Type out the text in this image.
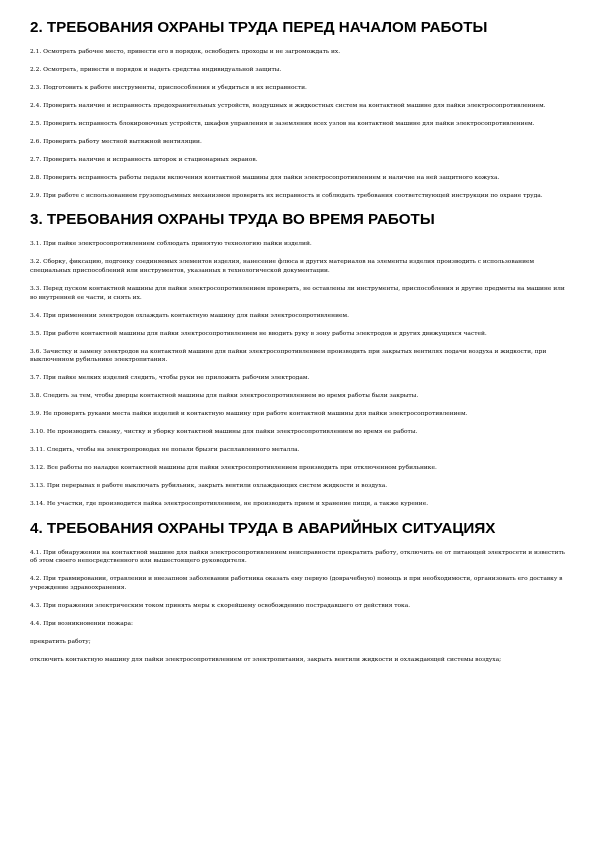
2. ТРЕБОВАНИЯ ОХРАНЫ ТРУДА ПЕРЕД НАЧАЛОМ РАБОТЫ

2.1. Осмотреть рабочее место, привести его в порядок, освободить проходы и не загромождать их.

2.2. Осмотреть, привести в порядок и надеть средства индивидуальной защиты.

2.3. Подготовить к работе инструменты, приспособления и убедиться в их исправности.

2.4. Проверить наличие и исправность предохранительных устройств, воздушных и жидкостных систем на контактной машине для пайки электросопротивлением.

2.5. Проверить исправность блокировочных устройств, шкафов управления и заземления всех узлов на контактной машине для пайки электросопротивлением.

2.6. Проверить работу местной вытяжной вентиляции.

2.7. Проверить наличие и исправность шторок и стационарных экранов.

2.8. Проверить исправность работы педали включения контактной машины для пайки электросопротивлением и наличие на ней защитного кожуха.

2.9. При работе с использованием грузоподъемных механизмов проверить их исправность и соблюдать требования соответствующей инструкции по охране труда.

3. ТРЕБОВАНИЯ ОХРАНЫ ТРУДА ВО ВРЕМЯ РАБОТЫ

3.1. При пайке электросопротивлением соблюдать принятую технологию пайки изделий.

3.2. Сборку, фиксацию, подгонку соединяемых элементов изделия, нанесение флюса и других материалов на элементы изделия производить с использованием специальных приспособлений или инструментов, указанных в технологической документации.

3.3. Перед пуском контактной машины для пайки электросопротивлением проверить, не оставлены ли инструменты, приспособления и другие предметы на машине или во внутренней ее части, и снять их.

3.4. При применении электродов охлаждать контактную машину для пайки электросопротивлением.

3.5. При работе контактной машины для пайки электросопротивлением не вводить руку в зону работы электродов и других движущихся частей.

3.6. Зачистку и замену электродов на контактной машине для пайки электросопротивлением производить при закрытых вентилях подачи воздуха и жидкости, при выключенном рубильнике электропитания.

3.7. При пайке мелких изделий следить, чтобы руки не приложить рабочим электродам.

3.8. Следить за тем, чтобы дверцы контактной машины для пайки электросопротивлением во время работы были закрыты.

3.9. Не проверять руками места пайки изделий и контактную машину при работе контактной машины для пайки электросопротивлением.

3.10. Не производить смазку, чистку и уборку контактной машины для пайки электросопротивлением во время ее работы.

3.11. Следить, чтобы на электропроводах не попали брызги расплавленного металла.

3.12. Все работы по наладке контактной машины для пайки электросопротивлением производить при отключенном рубильнике.

3.13. При перерывах в работе выключать рубильник, закрыть вентили охлаждающих систем жидкости и воздуха.

3.14. Не участки, где производится пайка электросопротивлением, не производить прием и хранение пищи, а также курение.

4. ТРЕБОВАНИЯ ОХРАНЫ ТРУДА В АВАРИЙНЫХ СИТУАЦИЯХ

4.1. При обнаружении на контактной машине для пайки электросопротивлением неисправности прекратить работу, отключить ее от питающей электросети и известить об этом своего непосредственного или вышестоящего руководителя.

4.2. При травмировании, отравлении и внезапном заболевании работника оказать ему первую (доврачебную) помощь и при необходимости, организовать его доставку в учреждение здравоохранения.

4.3. При поражении электрическим током принять меры к скорейшему освобождению пострадавшего от действия тока.

4.4. При возникновении пожара:

прекратить работу;

отключить контактную машину для пайки электросопротивлением от электропитания, закрыть вентили жидкости и охлаждающей системы воздуха;
